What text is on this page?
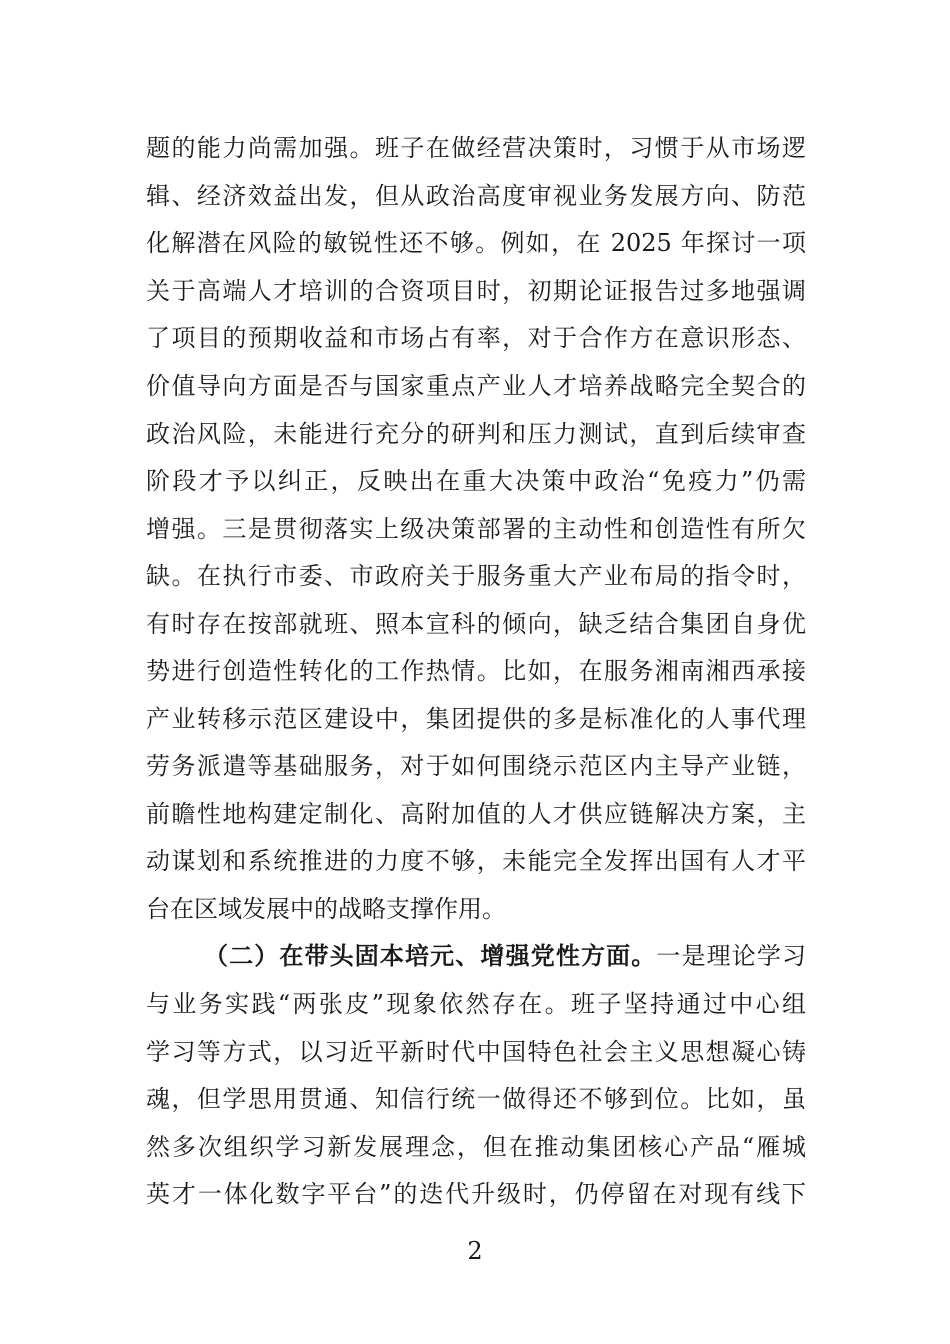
题的能力尚需加强。班子在做经营决策时，习惯于从市场逻
辑、经济效益出发，但从政治高度审视业务发展方向、防范
化解潜在风险的敏锐性还不够。例如，在 2025 年探讨一项
关于高端人才培训的合资项目时，初期论证报告过多地强调
了项目的预期收益和市场占有率，对于合作方在意识形态、
价值导向方面是否与国家重点产业人才培养战略完全契合的
政治风险，未能进行充分的研判和压力测试，直到后续审查
阶段才予以纠正，反映出在重大决策中政治“免疫力”仍需
增强。三是贯彻落实上级决策部署的主动性和创造性有所欠
缺。在执行市委、市政府关于服务重大产业布局的指令时，
有时存在按部就班、照本宣科的倾向，缺乏结合集团自身优
势进行创造性转化的工作热情。比如，在服务湘南湘西承接
产业转移示范区建设中，集团提供的多是标准化的人事代理
劳务派遣等基础服务，对于如何围绕示范区内主导产业链，
前瞻性地构建定制化、高附加值的人才供应链解决方案，主
动谋划和系统推进的力度不够，未能完全发挥出国有人才平
台在区域发展中的战略支撑作用。
（二）在带头固本培元、增强党性方面。一是理论学习
与业务实践“两张皮”现象依然存在。班子坚持通过中心组
学习等方式，以习近平新时代中国特色社会主义思想凝心铸
魂，但学思用贯通、知信行统一做得还不够到位。比如，虽
然多次组织学习新发展理念，但在推动集团核心产品“雁城
2
英才一体化数字平台”的迭代升级时，仍停留在对现有线下
